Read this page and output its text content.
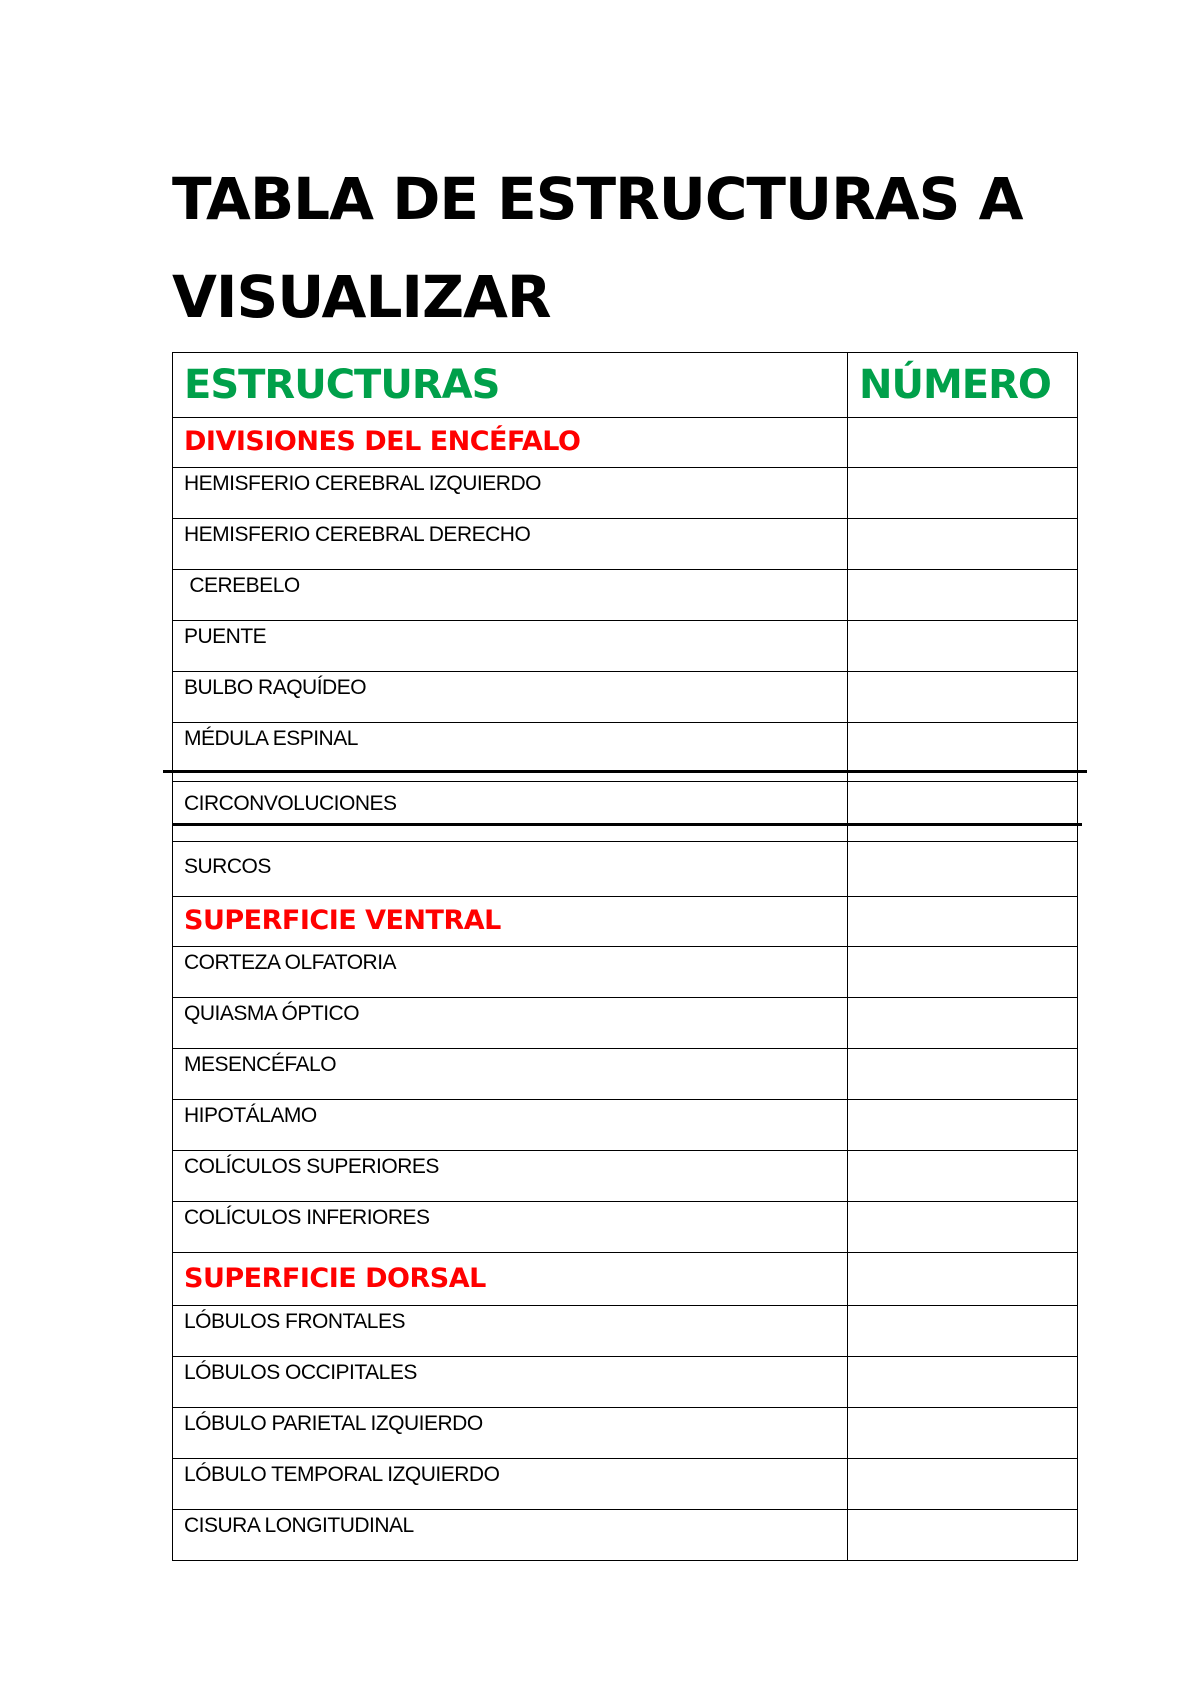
TABLA DE ESTRUCTURAS A VISUALIZAR
ESTRUCTURAS	NÚMERO
DIVISIONES DEL ENCÉFALO	
HEMISFERIO CEREBRAL IZQUIERDO	
HEMISFERIO CEREBRAL DERECHO	
CEREBELO	
PUENTE	
BULBO RAQUÍDEO	
MÉDULA ESPINAL	
CIRCONVOLUCIONES	
SURCOS	
SUPERFICIE VENTRAL	
CORTEZA OLFATORIA	
QUIASMA ÓPTICO	
MESENCÉFALO	
HIPOTÁLAMO	
COLÍCULOS SUPERIORES	
COLÍCULOS INFERIORES	
SUPERFICIE DORSAL	
LÓBULOS FRONTALES	
LÓBULOS OCCIPITALES	
LÓBULO PARIETAL IZQUIERDO	
LÓBULO TEMPORAL IZQUIERDO	
CISURA LONGITUDINAL	
